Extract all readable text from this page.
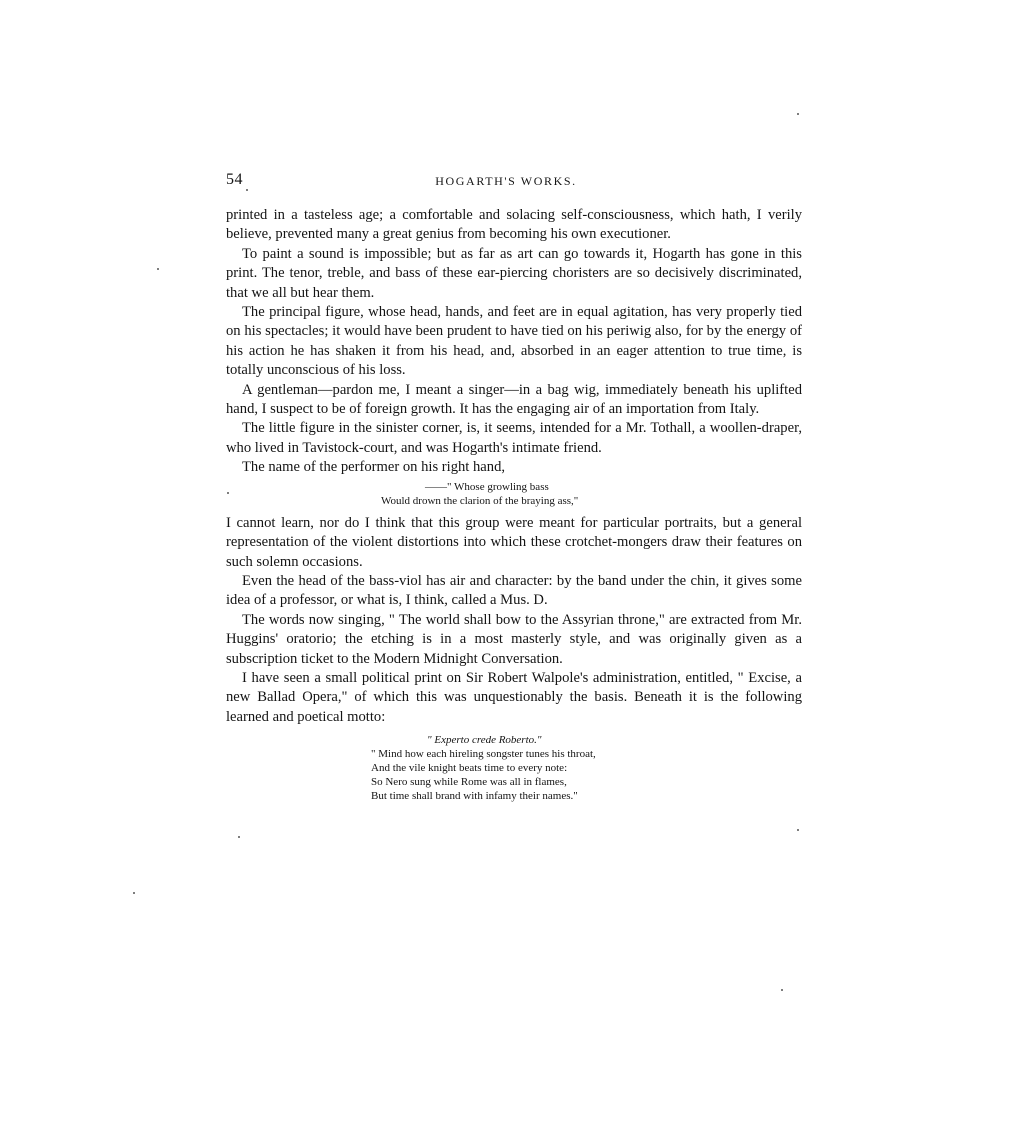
54	HOGARTH'S WORKS.

printed in a tasteless age; a comfortable and solacing self-consciousness, which hath, I verily believe, prevented many a great genius from becoming his own executioner.

To paint a sound is impossible; but as far as art can go towards it, Hogarth has gone in this print. The tenor, treble, and bass of these ear-piercing choristers are so decisively discriminated, that we all but hear them.

The principal figure, whose head, hands, and feet are in equal agitation, has very properly tied on his spectacles; it would have been prudent to have tied on his periwig also, for by the energy of his action he has shaken it from his head, and, absorbed in an eager attention to true time, is totally unconscious of his loss.

A gentleman—pardon me, I meant a singer—in a bag wig, immediately beneath his uplifted hand, I suspect to be of foreign growth. It has the engaging air of an importation from Italy.

The little figure in the sinister corner, is, it seems, intended for a Mr. Tothall, a woollen-draper, who lived in Tavistock-court, and was Hogarth's intimate friend.

The name of the performer on his right hand,

——" Whose growling bass
Would drown the clarion of the braying ass,"

I cannot learn, nor do I think that this group were meant for particular portraits, but a general representation of the violent distortions into which these crotchet-mongers draw their features on such solemn occasions.

Even the head of the bass-viol has air and character: by the band under the chin, it gives some idea of a professor, or what is, I think, called a Mus. D.

The words now singing, " The world shall bow to the Assyrian throne," are extracted from Mr. Huggins' oratorio; the etching is in a most masterly style, and was originally given as a subscription ticket to the Modern Midnight Conversation.

I have seen a small political print on Sir Robert Walpole's administration, entitled, " Excise, a new Ballad Opera," of which this was unquestionably the basis. Beneath it is the following learned and poetical motto:

" Experto crede Roberto."
" Mind how each hireling songster tunes his throat,
And the vile knight beats time to every note:
So Nero sung while Rome was all in flames,
But time shall brand with infamy their names."
